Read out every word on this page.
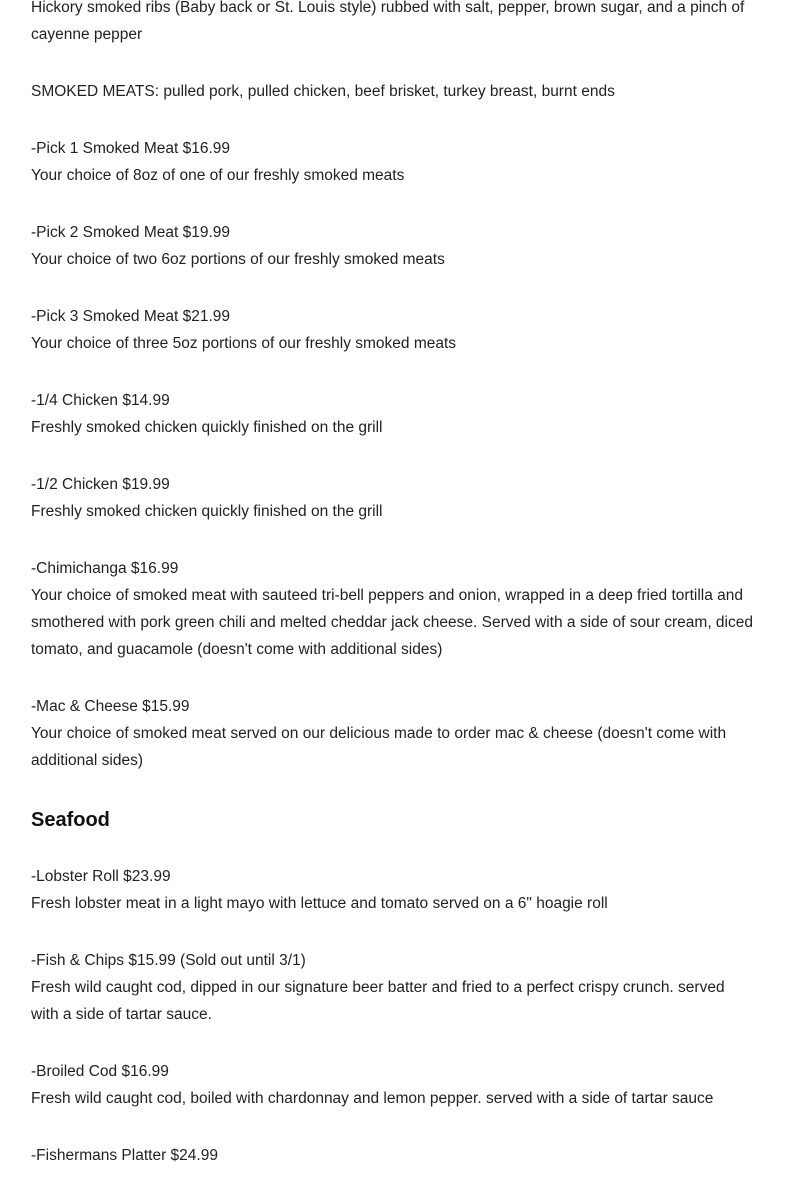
Hickory smoked ribs (Baby back or St. Louis style) rubbed with salt, pepper, brown sugar, and a pinch of cayenne pepper

SMOKED MEATS: pulled pork, pulled chicken, beef brisket, turkey breast, burnt ends

-Pick 1 Smoked Meat $16.99
Your choice of 8oz of one of our freshly smoked meats
-Pick 2 Smoked Meat $19.99
Your choice of two 6oz portions of our freshly smoked meats
-Pick 3 Smoked Meat $21.99
Your choice of three 5oz portions of our freshly smoked meats
-1/4 Chicken $14.99
Freshly smoked chicken quickly finished on the grill
-1/2 Chicken $19.99
Freshly smoked chicken quickly finished on the grill
-Chimichanga $16.99
Your choice of smoked meat with sauteed tri-bell peppers and onion, wrapped in a deep fried tortilla and smothered with pork green chili and melted cheddar jack cheese. Served with a side of sour cream, diced tomato, and guacamole (doesn't come with additional sides)
-Mac & Cheese $15.99
Your choice of smoked meat served on our delicious made to order mac & cheese (doesn't come with additional sides)
Seafood
-Lobster Roll $23.99
Fresh lobster meat in a light mayo with lettuce and tomato served on a 6" hoagie roll
-Fish & Chips $15.99 (Sold out until 3/1)
Fresh wild caught cod, dipped in our signature beer batter and fried to a perfect crispy crunch. served with a side of tartar sauce.
-Broiled Cod $16.99
Fresh wild caught cod, boiled with chardonnay and lemon pepper. served with a side of tartar sauce
-Fishermans Platter $24.99
